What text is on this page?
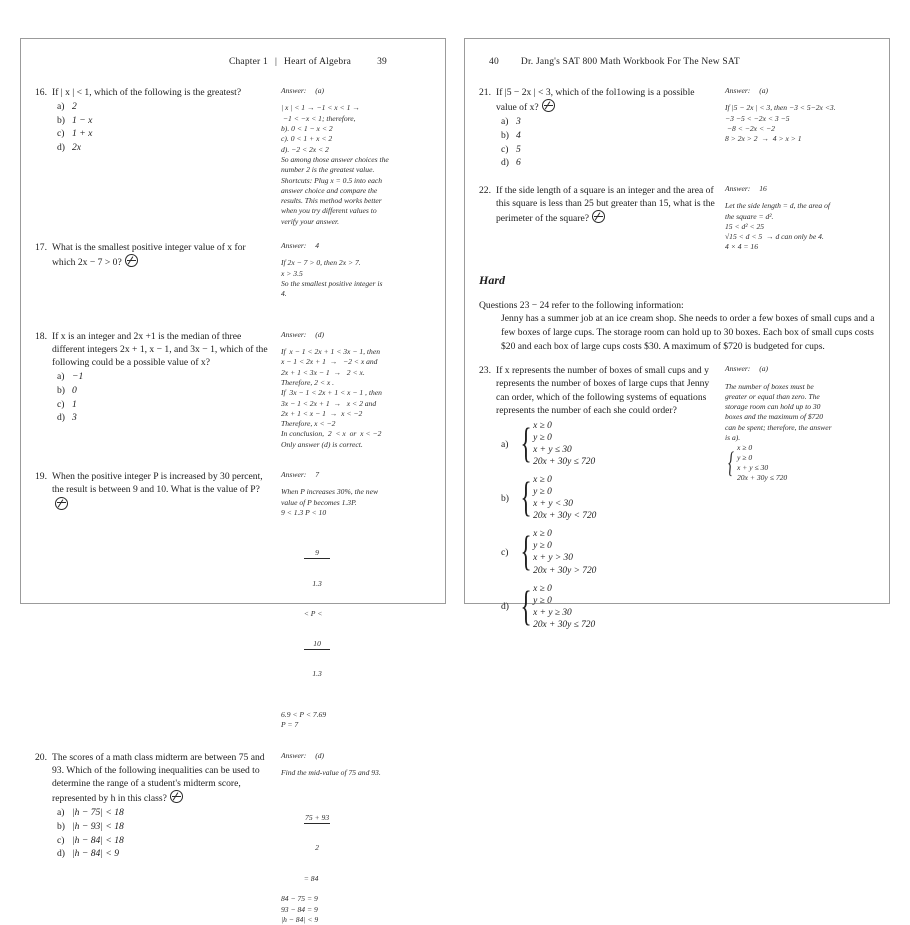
Chapter 1 | Heart of Algebra	39
16. If | x | < 1, which of the following is the greatest?
a) 2
b) 1 − x
c) 1 + x
d) 2x
Answer: (a)
| x | < 1 → −1 < x < 1 →
−1 < −x < 1; therefore,
b). 0 < 1 − x < 2
c). 0 < 1 + x < 2
d). −2 < 2x < 2
So among those answer choices the
number 2 is the greatest value.
Shortcuts: Plug x = 0.5 into each
answer choice and compare the
results. This method works better
when you try different values to
verify your answer.
17. What is the smallest positive integer value of x for which 2x − 7 > 0?
Answer: 4
If 2x − 7 > 0, then 2x > 7.
x > 3.5
So the smallest positive integer is
4.
18. If x is an integer and 2x +1 is the median of three different integers 2x + 1, x − 1, and 3x − 1, which of the following could be a possible value of x?
a) −1
b) 0
c) 1
d) 3
Answer: (d)
If  x − 1 < 2x + 1 < 3x − 1, then
x − 1 < 2x + 1  →   −2 < x and
2x + 1 < 3x − 1  →   2 < x.
Therefore, 2 < x .
If  3x − 1 < 2x + 1 < x − 1 , then
3x − 1 < 2x + 1  →   x < 2 and
2x + 1 < x − 1  →  x < −2
Therefore, x < −2
In conclusion,  2  < x  or  x < −2
Only answer (d) is correct.
19. When the positive integer P is increased by 30 percent, the result is between 9 and 10. What is the value of P?

Answer: 7
When P increases 30%, the new
value of P becomes 1.3P.
9 < 1.3 P < 10

$\frac{9}{1.3}$

< P <

$\frac{10}{1.3}$

6.9 < P < 7.69
P = 7
20. The scores of a math class midterm are between 75 and 93. Which of the following inequalities can be used to determine the range of a student's midterm score, represented by h in this class?
a) |h − 75| < 18
b) |h − 93| < 18
c) |h − 84| < 18
d) |h − 84| < 9
Answer: (d)
Find the mid-value of 75 and 93.

$\frac{75 + 93}{2}$

= 84

84 − 75 = 9
93 − 84 = 9
|h − 84| < 9
40 Dr. Jang's SAT 800 Math Workbook For The New SAT
21. If |5 − 2x | < 3, which of the fol1owing is a possible value of x?
a) 3
b) 4
c) 5
d) 6
Answer: (a)
If |5 − 2x | < 3, then −3 < 5−2x <3.
−3 −5 < −2x < 3 −5
−8 < −2x < −2
8 > 2x > 2  →  4 > x > 1
22. If the side length of a square is an integer and the area of this square is less than 25 but greater than 15, what is the perimeter of the square?
Answer: 16
Let the side length = d, the area of
the square = d².
15 < d² < 25
√15 < d < 5  → d can only be 4.
4 × 4 = 16
Hard
Questions 23 − 24 refer to the following information:
Jenny has a summer job at an ice cream shop. She needs to order a few boxes of small cups and a few boxes of large cups. The storage room can hold up to 30 boxes. Each box of small cups costs $20 and each box of large cups costs $30. A maximum of $720 is budgeted for cups.
23. If x represents the number of boxes of small cups and y represents the number of boxes of large cups that Jenny can order, which of the following systems of equations represents the number of each she could order?
a) { x ≥ 0
y ≥ 0
x + y ≤ 30
20x + 30y ≤ 720
b) { x ≥ 0
y ≥ 0
x + y < 30
20x + 30y < 720
c) { x ≥ 0
y ≥ 0
x + y > 30
20x + 30y > 720
d) { x ≥ 0
y ≥ 0
x + y ≥ 30
20x + 30y ≤ 720
Answer: (a)
The number of boxes must be
greater or equal than zero. The
storage room can hold up to 30
boxes and the maximum of $720
can be spent; therefore, the answer
is a).
{ x ≥ 0
y ≥ 0
x + y ≤ 30
20x + 30y ≤ 720
